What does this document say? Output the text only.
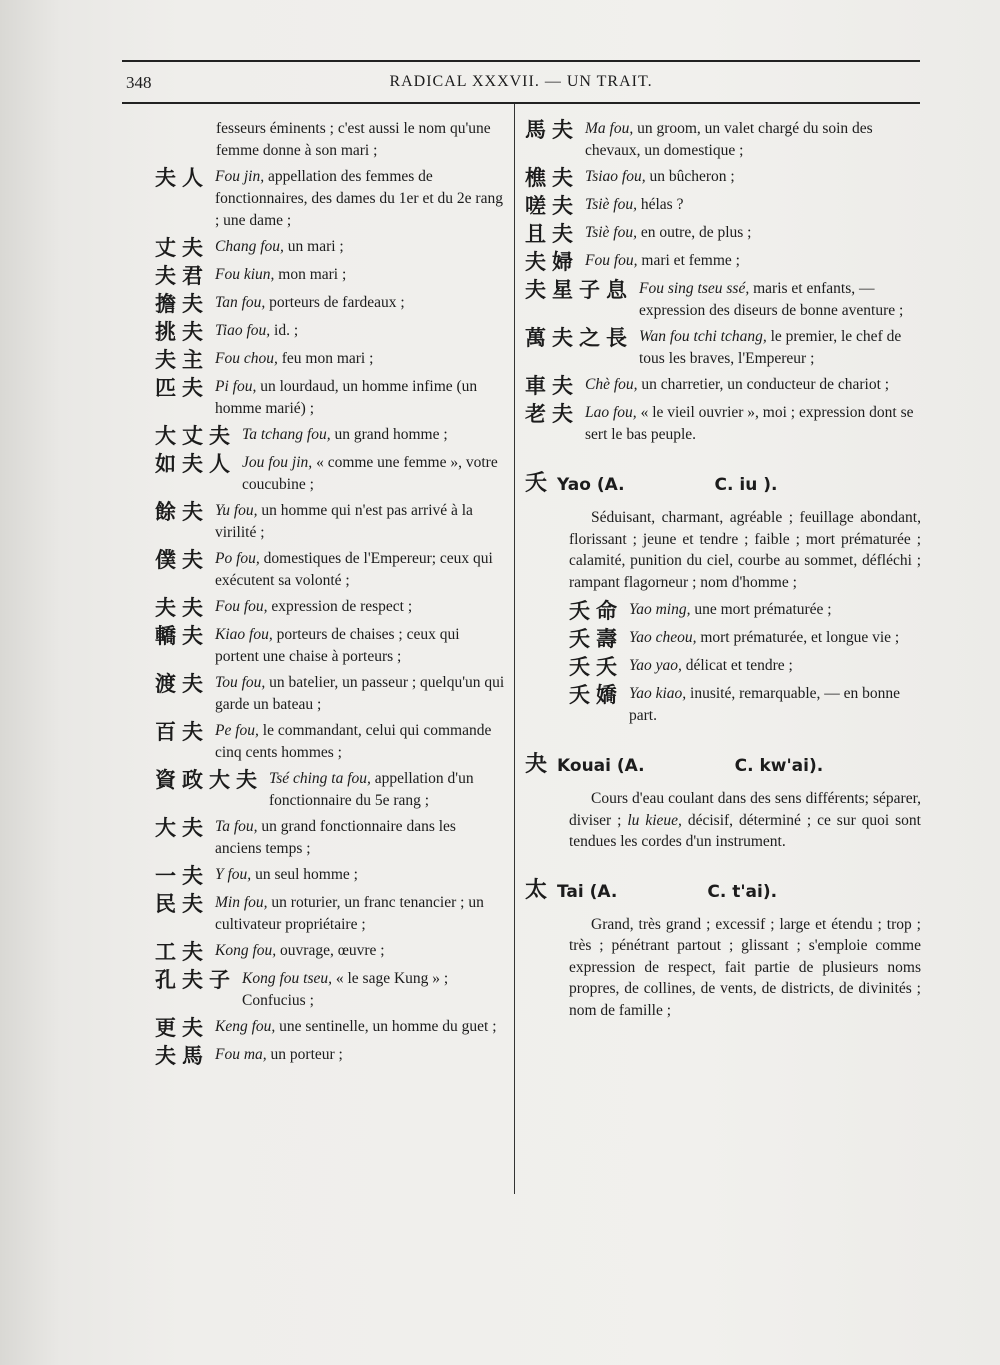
348	RADICAL XXXVII. — UN TRAIT.
fesseurs éminents ; c'est aussi le nom qu'une femme donne à son mari ;
夫人 Fou jin, appellation des femmes de fonctionnaires, des dames du 1er et du 2e rang ; une dame ;
丈夫 Chang fou, un mari ;
夫君 Fou kiun, mon mari ;
擔夫 Tan fou, porteurs de fardeaux ;
挑夫 Tiao fou, id. ;
夫主 Fou chou, feu mon mari ;
匹夫 Pi fou, un lourdaud, un homme infime (un homme marié) ;
大丈夫 Ta tchang fou, un grand homme ;
如夫人 Jou fou jin, « comme une femme », votre coucubine ;
餘夫 Yu fou, un homme qui n'est pas arrivé à la virilité ;
僕夫 Po fou, domestiques de l'Empereur; ceux qui exécutent sa volonté ;
夫夫 Fou fou, expression de respect ;
轎夫 Kiao fou, porteurs de chaises ; ceux qui portent une chaise à porteurs ;
渡夫 Tou fou, un batelier, un passeur ; quelqu'un qui garde un bateau ;
百夫 Pe fou, le commandant, celui qui commande cinq cents hommes ;
資政大夫 Tsé ching ta fou, appellation d'un fonctionnaire du 5e rang ;
大夫 Ta fou, un grand fonctionnaire dans les anciens temps ;
一夫 Y fou, un seul homme ;
民夫 Min fou, un roturier, un franc tenancier ; un cultivateur propriétaire ;
工夫 Kong fou, ouvrage, œuvre ;
孔夫子 Kong fou tseu, « le sage Kung » ; Confucius ;
更夫 Keng fou, une sentinelle, un homme du guet ;
夫馬 Fou ma, un porteur ;
馬夫 Ma fou, un groom, un valet chargé du soin des chevaux, un domestique ;
樵夫 Tsiao fou, un bûcheron ;
嗟夫 Tsiè fou, hélas ?
且夫 Tsiè fou, en outre, de plus ;
夫婦 Fou fou, mari et femme ;
夫星子息 Fou sing tseu ssé, maris et enfants, — expression des diseurs de bonne aventure ;
萬夫之長 Wan fou tchi tchang, le premier, le chef de tous les braves, l'Empereur ;
車夫 Chè fou, un charretier, un conducteur de chariot ;
老夫 Lao fou, « le vieil ouvrier », moi ; expression dont se sert le bas peuple.
夭 Yao (A.	C. iu ).
Séduisant, charmant, agréable ; feuillage abondant, florissant ; jeune et tendre ; faible ; mort prématurée ; calamité, punition du ciel, courbe au sommet, défléchi ; rampant flagorneur ; nom d'homme ;
夭命 Yao ming, une mort prématurée ;
夭壽 Yao cheou, mort prématurée, et longue vie ;
夭夭 Yao yao, délicat et tendre ;
夭嬌 Yao kiao, inusité, remarquable, — en bonne part.
夬 Kouai (A.	C. kw'ai).
Cours d'eau coulant dans des sens différents; séparer, diviser ; lu kieue, décisif, déterminé ; ce sur quoi sont tendues les cordes d'un instrument.
太 Tai (A.	C. t'ai).
Grand, très grand ; excessif ; large et étendu ; trop ; très ; pénétrant partout ; glissant ; s'emploie comme expression de respect, fait partie de plusieurs noms propres, de collines, de vents, de districts, de divinités ; nom de famille ;
